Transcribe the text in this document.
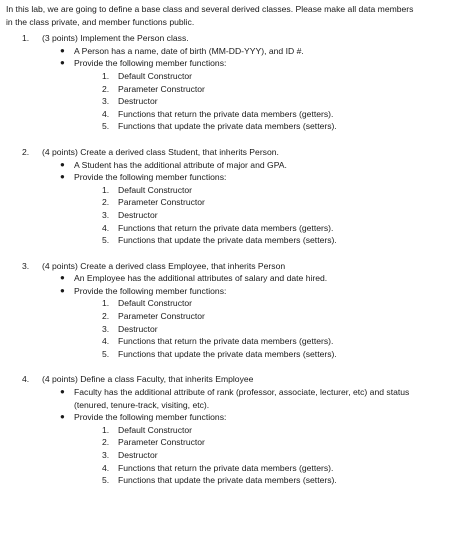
In this lab, we are going to define a base class and several derived classes. Please make all data members

in the class private, and member functions public.

1.	(3 points) Implement the Person class.
●	A Person has a name, date of birth (MM-DD-YYY), and ID #.
●	Provide the following member functions:
1.	Default Constructor
2.	Parameter Constructor
3.	Destructor
4.	Functions that return the private data members (getters).
5.	Functions that update the private data members (setters).
2.	(4 points) Create a derived class Student, that inherits Person.
●	A Student has the additional attribute of major and GPA.
●	Provide the following member functions:
1.	Default Constructor
2.	Parameter Constructor
3.	Destructor
4.	Functions that return the private data members (getters).
5.	Functions that update the private data members (setters).
3.	(4 points) Create a derived class Employee, that inherits Person
●	An Employee has the additional attributes of salary and date hired.
●	Provide the following member functions:
1.	Default Constructor
2.	Parameter Constructor
3.	Destructor
4.	Functions that return the private data members (getters).
5.	Functions that update the private data members (setters).
4.	(4 points) Define a class Faculty, that inherits Employee
●	Faculty has the additional attribute of rank (professor, associate, lecturer, etc) and status (tenured, tenure-track, visiting, etc).
●	Provide the following member functions:
1.	Default Constructor
2.	Parameter Constructor
3.	Destructor
4.	Functions that return the private data members (getters).
5.	Functions that update the private data members (setters).
